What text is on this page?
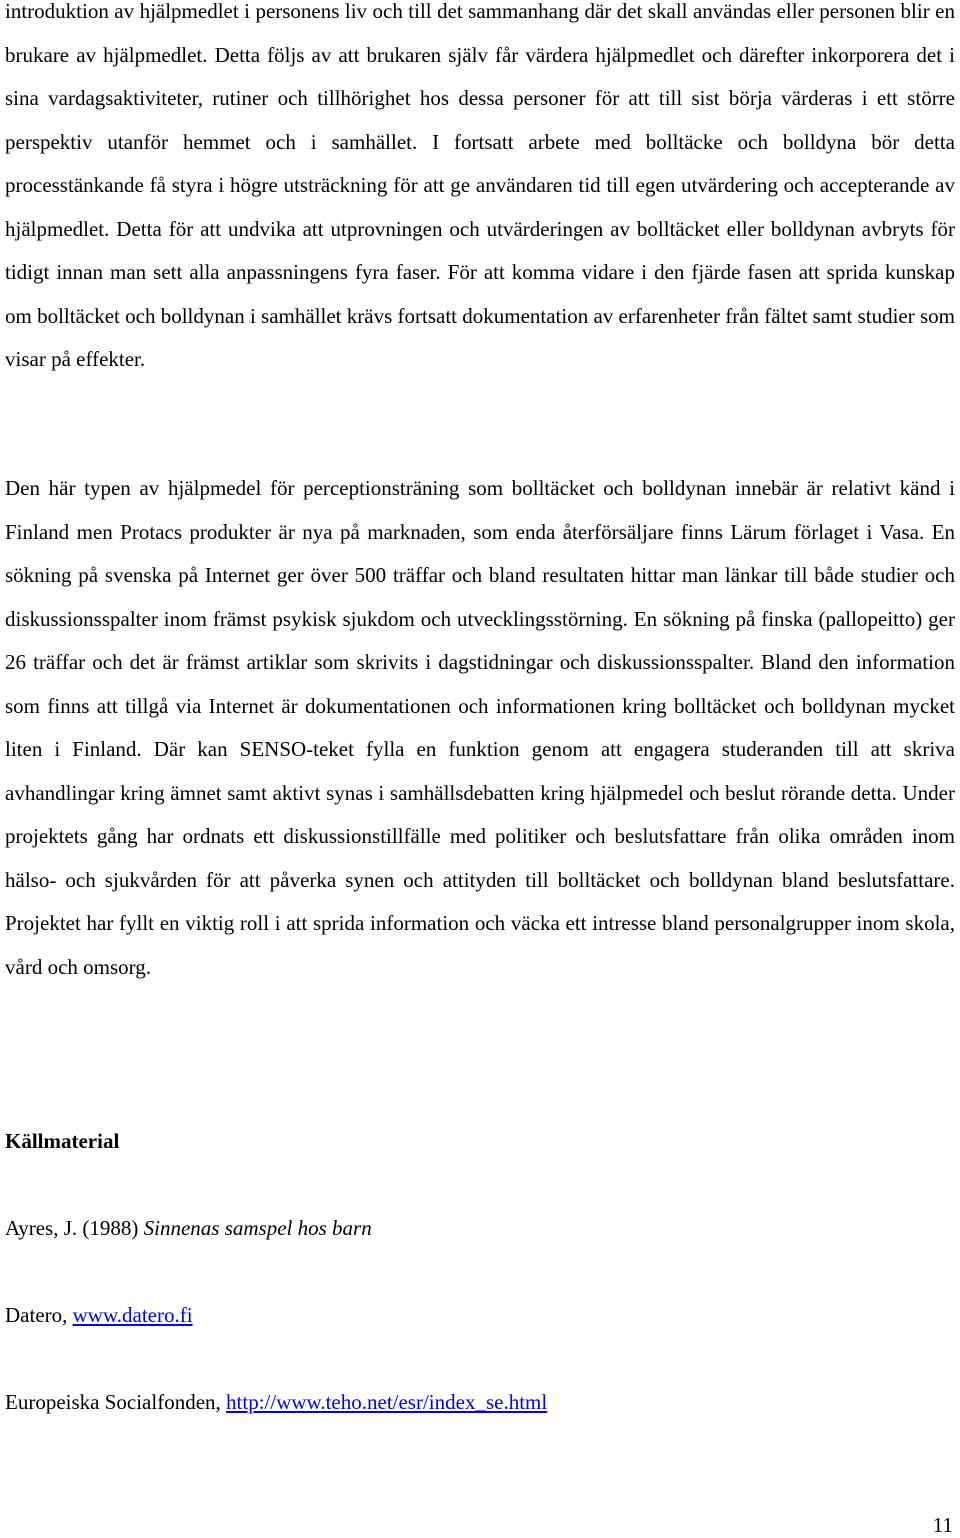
introduktion av hjälpmedlet i personens liv och till det sammanhang där det skall användas eller personen blir en brukare av hjälpmedlet. Detta följs av att brukaren själv får värdera hjälpmedlet och därefter inkorporera det i sina vardagsaktiviteter, rutiner och tillhörighet hos dessa personer för att till sist börja värderas i ett större perspektiv utanför hemmet och i samhället. I fortsatt arbete med bolltäcke och bolldyna bör detta processtänkande få styra i högre utsträckning för att ge användaren tid till egen utvärdering och accepterande av hjälpmedlet. Detta för att undvika att utprovningen och utvärderingen av bolltäcket eller bolldynan avbryts för tidigt innan man sett alla anpassningens fyra faser. För att komma vidare i den fjärde fasen att sprida kunskap om bolltäcket och bolldynan i samhället krävs fortsatt dokumentation av erfarenheter från fältet samt studier som visar på effekter.

Den här typen av hjälpmedel för perceptionsträning som bolltäcket och bolldynan innebär är relativt känd i Finland men Protacs produkter är nya på marknaden, som enda återförsäljare finns Lärum förlaget i Vasa. En sökning på svenska på Internet ger över 500 träffar och bland resultaten hittar man länkar till både studier och diskussionsspalter inom främst psykisk sjukdom och utvecklingsstörning. En sökning på finska (pallopeitto) ger 26 träffar och det är främst artiklar som skrivits i dagstidningar och diskussionsspalter. Bland den information som finns att tillgå via Internet är dokumentationen och informationen kring bolltäcket och bolldynan mycket liten i Finland. Där kan SENSO-teket fylla en funktion genom att engagera studeranden till att skriva avhandlingar kring ämnet samt aktivt synas i samhällsdebatten kring hjälpmedel och beslut rörande detta. Under projektets gång har ordnats ett diskussionstillfälle med politiker och beslutsfattare från olika områden inom hälso- och sjukvården för att påverka synen och attityden till bolltäcket och bolldynan bland beslutsfattare. Projektet har fyllt en viktig roll i att sprida information och väcka ett intresse bland personalgrupper inom skola, vård och omsorg.

Källmaterial

Ayres, J. (1988) Sinnenas samspel hos barn

Datero, www.datero.fi

Europeiska Socialfonden, http://www.teho.net/esr/index_se.html

11
